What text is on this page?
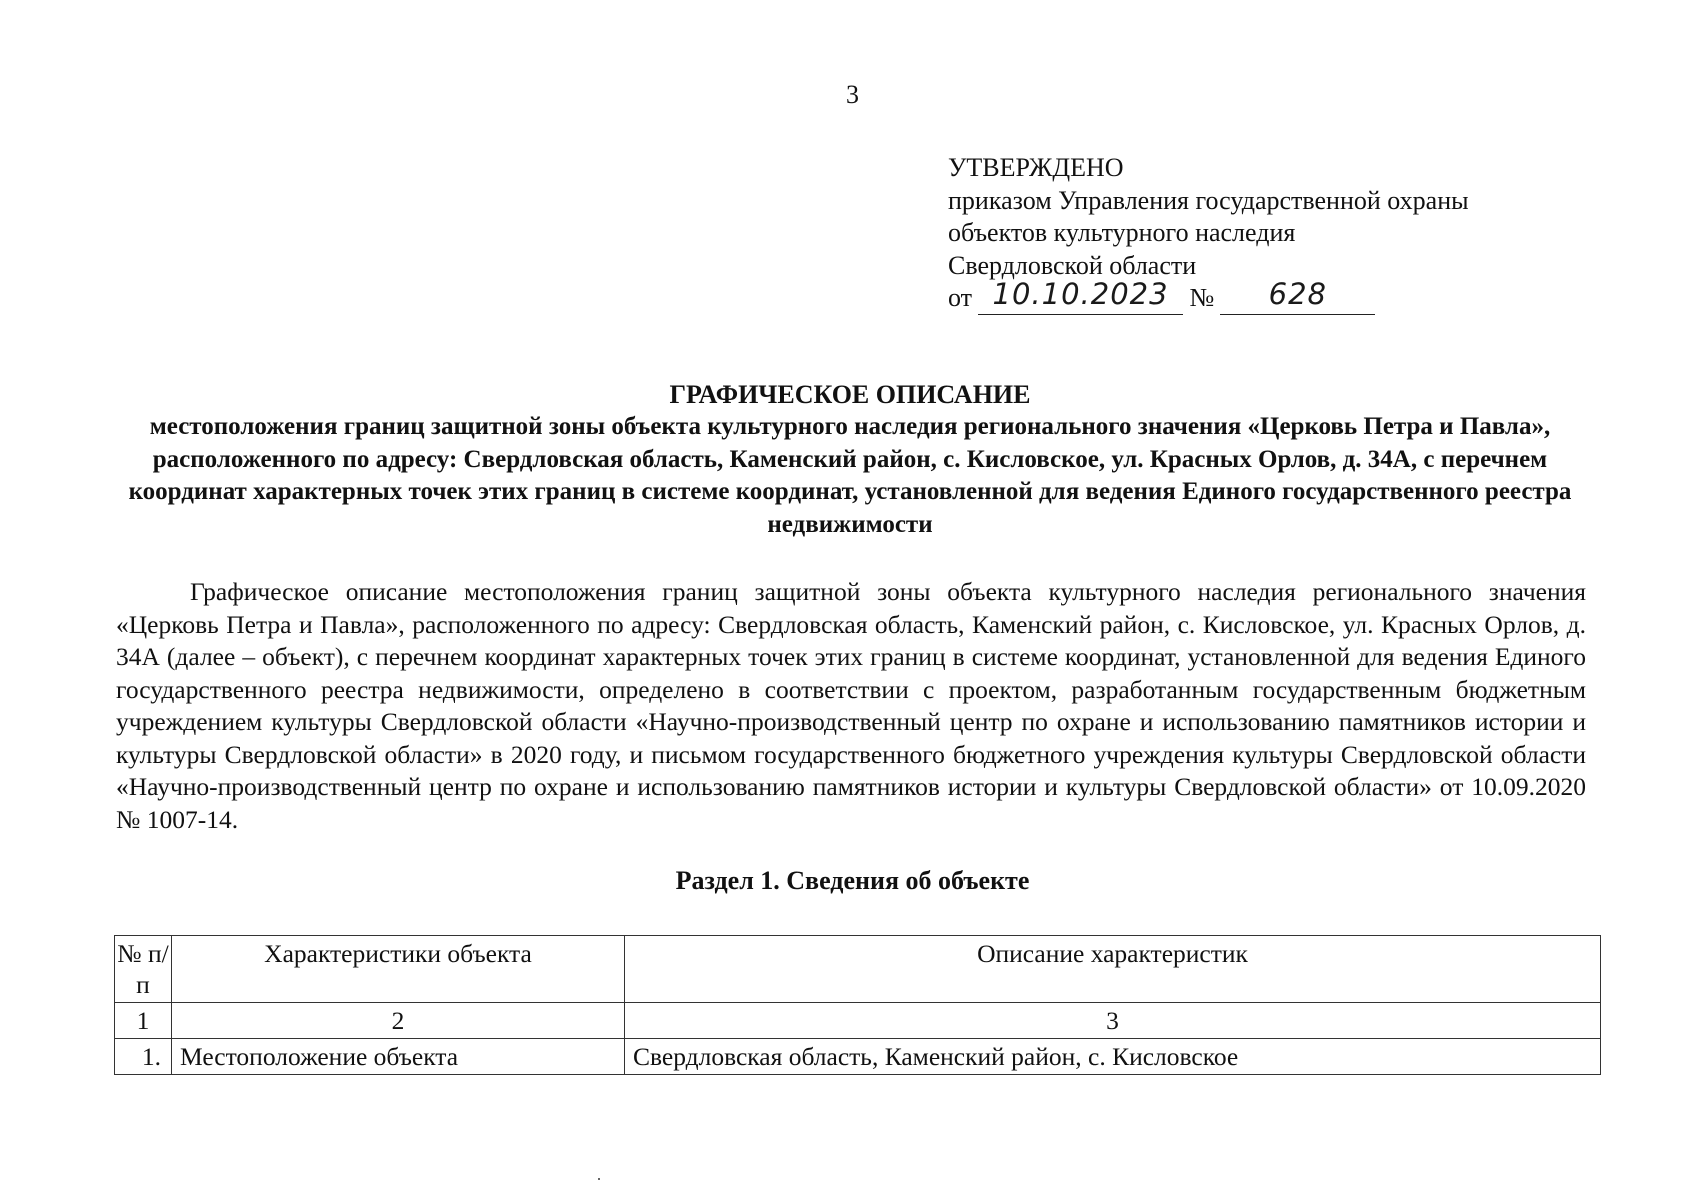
3
УТВЕРЖДЕНО
приказом Управления государственной охраны
объектов культурного наследия
Свердловской области
от 10.10.2023 № 628

ГРАФИЧЕСКОЕ ОПИСАНИЕ

местоположения границ защитной зоны объекта культурного наследия регионального значения «Церковь Петра и Павла», расположенного по адресу: Свердловская область, Каменский район, с. Кисловское, ул. Красных Орлов, д. 34А, с перечнем координат характерных точек этих границ в системе координат, установленной для ведения Единого государственного реестра недвижимости

Графическое описание местоположения границ защитной зоны объекта культурного наследия регионального значения «Церковь Петра и Павла», расположенного по адресу: Свердловская область, Каменский район, с. Кисловское, ул. Красных Орлов, д. 34А (далее – объект), с перечнем координат характерных точек этих границ в системе координат, установленной для ведения Единого государственного реестра недвижимости, определено в соответствии с проектом, разработанным государственным бюджетным учреждением культуры Свердловской области «Научно-производственный центр по охране и использованию памятников истории и культуры Свердловской области» в 2020 году, и письмом государственного бюджетного учреждения культуры Свердловской области «Научно-производственный центр по охране и использованию памятников истории и культуры Свердловской области» от 10.09.2020 № 1007-14.

Раздел 1. Сведения об объекте

№ п/п	Характеристики объекта	Описание характеристик
1	2	3
1.	Местоположение объекта	Свердловская область, Каменский район, с. Кисловское
